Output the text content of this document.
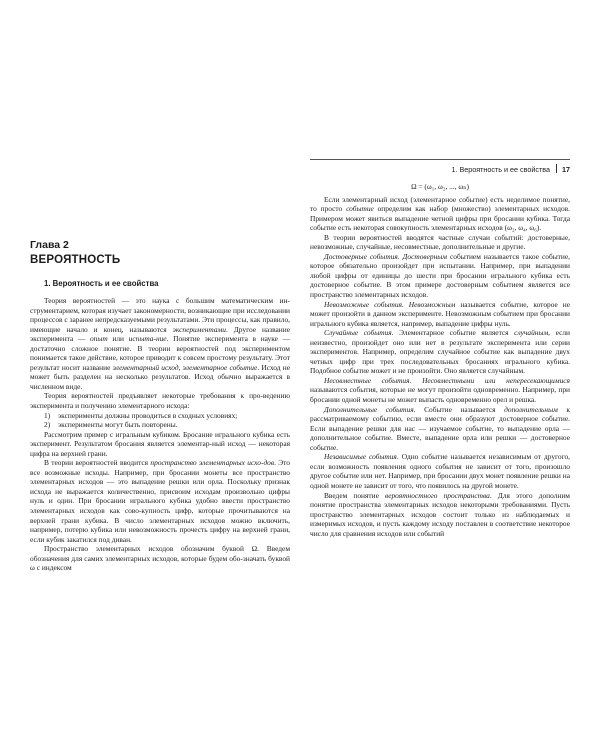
1. Вероятность и ее свойства 17
Глава 2
ВЕРОЯТНОСТЬ
1. Вероятность и ее свойства

Теория вероятностей — это наука с большим математическим ин- струментарием, которая изучает закономерности, возникающие при исследовании процессов с заранее непредсказуемыми результатами. Эти процессы, как правило, имеющие начало и конец, называются экспериментами. Другое название эксперимента — опыт или испыта-ние. Понятие эксперимента в науке — достаточно сложное понятие. В теории вероятностей под экспериментом понимается такое действие, которое приводит к совсем простому результату. Этот результат носит название элементарный исход, элементарное событие. Исход не может быть разделен на несколько результатов. Исход обычно выражается в численном виде.

Теория вероятностей предъявляет некоторые требования к про-ведению эксперимента и получению элементарного исхода:

1) эксперименты должны проводиться в сходных условиях;

2) эксперименты могут быть повторены.

Рассмотрим пример с игральным кубиком. Бросание игрального кубика есть эксперимент. Результатом бросания является элементар-ный исход — некоторая цифра на верхней грани.

В теории вероятностей вводится пространство элементарных исхо-дов. Это все возможные исходы. Например, при бросании монеты все пространство элементарных исходов — это выпадение решки или орла. Поскольку признак исхода не выражается количественно, присвоим исходам произвольно цифры нуль и один. При бросании игрального кубика удобно ввести пространство элементарных исходов как сово-купность цифр, которые прочитываются на верхней грани кубика. В число элементарных исходов можно включить, например, потерю кубика или невозможность прочесть цифру на верхней грани, если кубик закатился под диван.

Пространство элементарных исходов обозначим буквой Ω. Введем обозначения для самих элементарных исходов, которые будем обо-значать буквой ω с индексом

Ω = (ω₁, ω₂, ..., ωₙ)

Если элементарный исход (элементарное событие) есть неделимое понятие, то просто событие определим как набор (множество) элементарных исходов. Примером может явиться выпадение четной цифры при бросании кубика. Тогда событие есть некоторая совокупность элементарных исходов (ω₂, ω₄, ω₆).

В теории вероятностей вводятся частные случаи событий: достоверные, невозможные, случайные, несовместные, дополнительные и другие.

Достоверные события. Достоверным событием называется такое событие, которое обязательно произойдет при испытании. Например, при выпадении любой цифры от единицы до шести при бросании игрального кубика есть достоверное событие. В этом примере достоверным событием является все пространство элементарных исходов.

Невозможные события. Невозможным называется событие, которое не может произойти в данном эксперименте. Невозможным событием при бросании игрального кубика является, например, выпадение цифры нуль.

Случайные события. Элементарное событие является случайным, если неизвестно, произойдет оно или нет в результате эксперимента или серии экспериментов. Например, определим случайное событие как выпадение двух четных цифр при трех последовательных бросаниях игрального кубика. Подобное событие может и не произойти. Оно является случайным.

Несовместные события. Несовместными или непересекающимися называются события, которые не могут произойти одновременно. Например, при бросании одной монеты не может выпасть одновременно орел и решка.

Дополнительные события. Событие называется дополнительным к рассматриваемому событию, если вместе они образуют достоверное событие. Если выпадение решки для нас — изучаемое событие, то выпадение орла — дополнительное событие. Вместе, выпадение орла или решки — достоверное событие.

Независимые события. Одно событие называется независимым от другого, если возможность появления одного события не зависит от того, произошло другое событие или нет. Например, при бросании двух монет появление решки на одной монете не зависит от того, что появилось на другой монете.

Введем понятие вероятностного пространства. Для этого дополним понятие пространства элементарных исходов некоторыми требованиями. Пусть пространство элементарных исходов состоит только из наблюдаемых и измеримых исходов, и пусть каждому исходу поставлен в соответствие некоторое число для сравнения исходов или событий
